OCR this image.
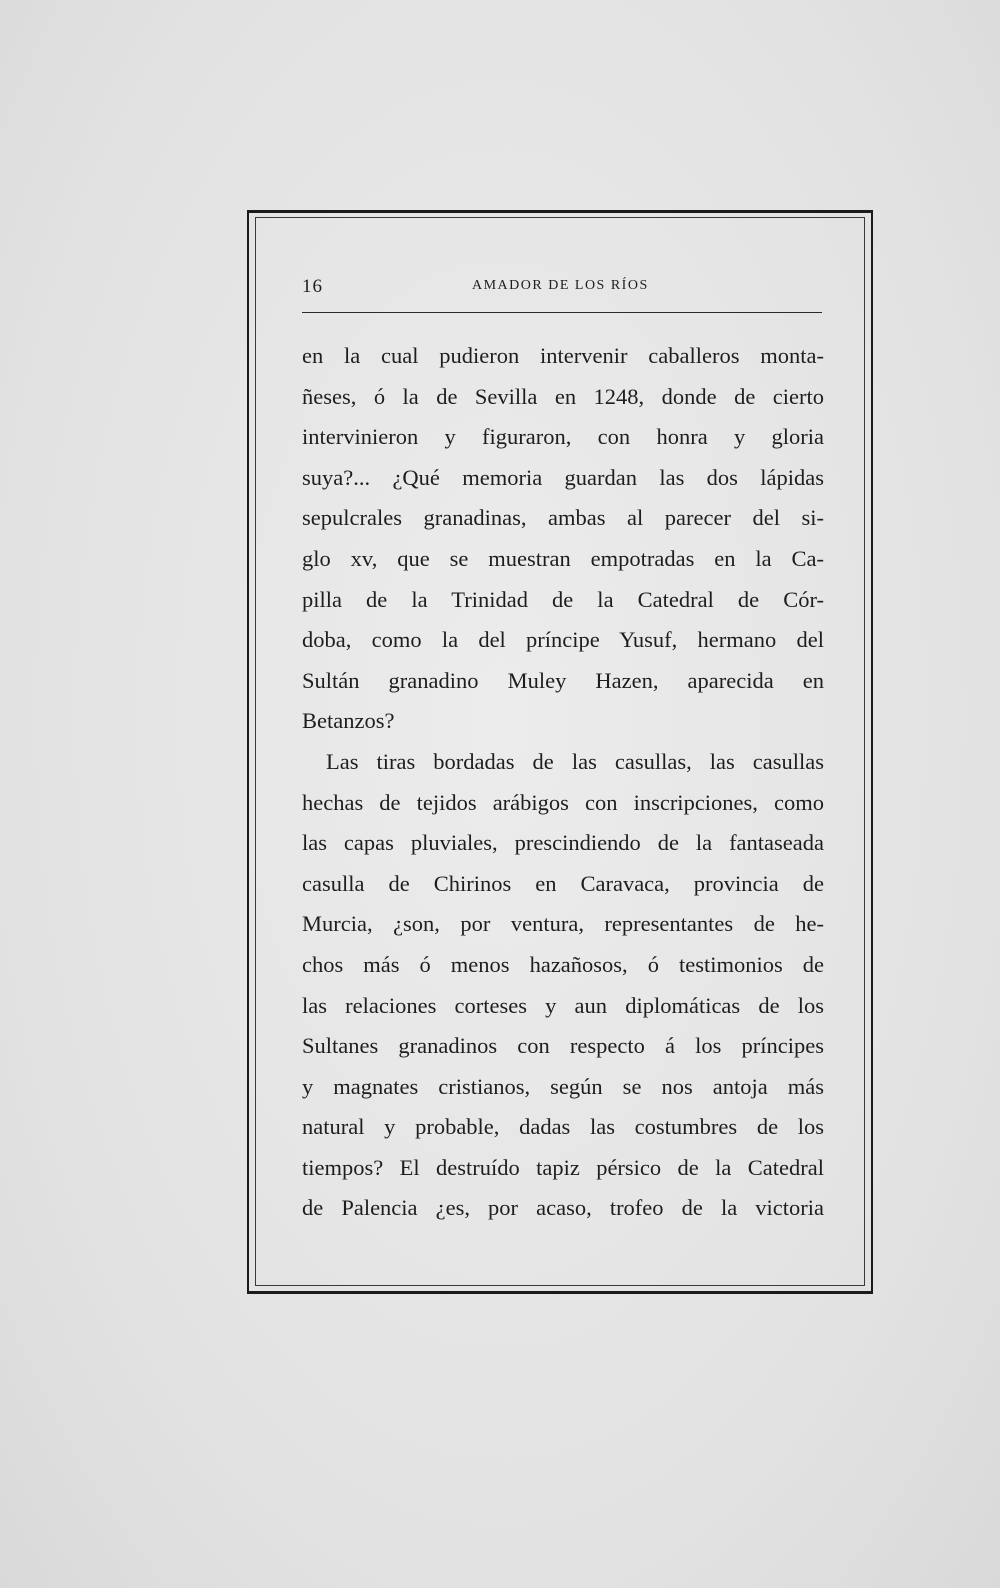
16	AMADOR DE LOS RÍOS
en la cual pudieron intervenir caballeros monta-
ñeses, ó la de Sevilla en 1248, donde de cierto
intervinieron y figuraron, con honra y gloria
suya?... ¿Qué memoria guardan las dos lápidas
sepulcrales granadinas, ambas al parecer del si-
glo xv, que se muestran empotradas en la Ca-
pilla de la Trinidad de la Catedral de Cór-
doba, como la del príncipe Yusuf, hermano del
Sultán granadino Muley Hazen, aparecida en
Betanzos?
Las tiras bordadas de las casullas, las casullas
hechas de tejidos arábigos con inscripciones, como
las capas pluviales, prescindiendo de la fantaseada
casulla de Chirinos en Caravaca, provincia de
Murcia, ¿son, por ventura, representantes de he-
chos más ó menos hazañosos, ó testimonios de
las relaciones corteses y aun diplomáticas de los
Sultanes granadinos con respecto á los príncipes
y magnates cristianos, según se nos antoja más
natural y probable, dadas las costumbres de los
tiempos? El destruído tapiz pérsico de la Catedral
de Palencia ¿es, por acaso, trofeo de la victoria
